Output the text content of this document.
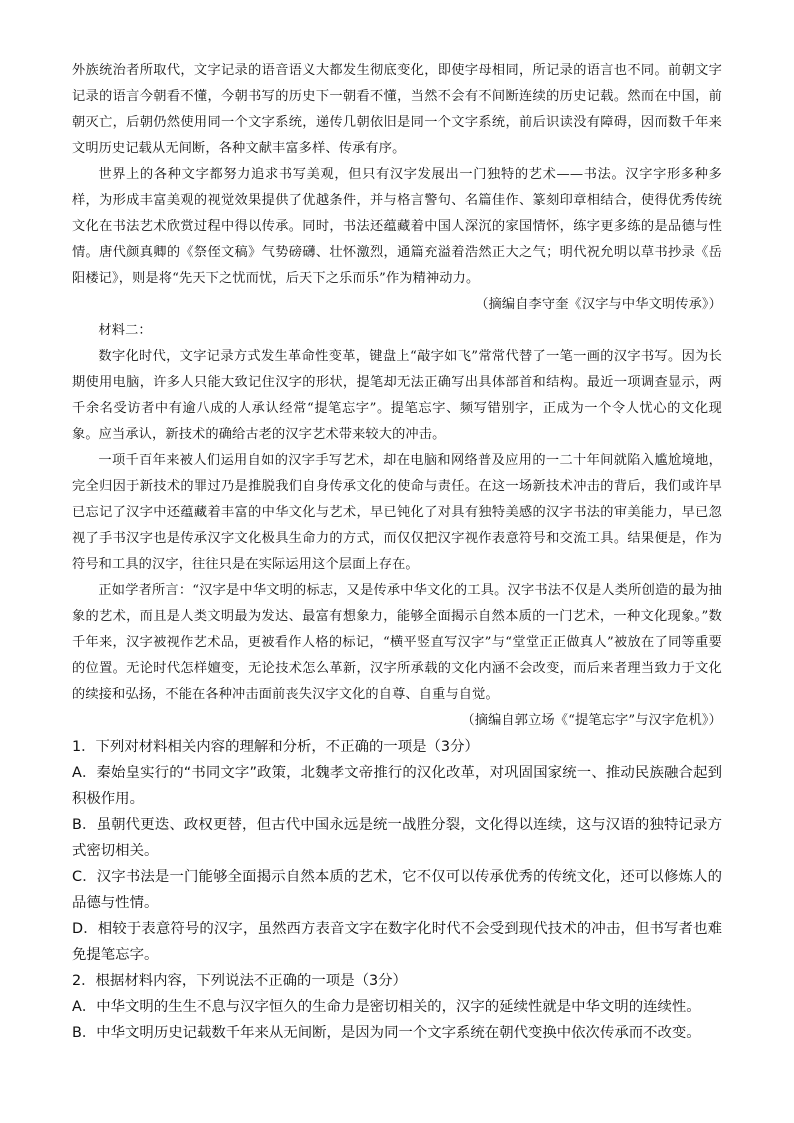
外族统治者所取代，文字记录的语音语义大都发生彻底变化，即使字母相同，所记录的语言也不同。前朝文字记录的语言今朝看不懂，今朝书写的历史下一朝看不懂，当然不会有不间断连续的历史记载。然而在中国，前朝灭亡，后朝仍然使用同一个文字系统，递传几朝依旧是同一个文字系统，前后识读没有障碍，因而数千年来文明历史记载从无间断，各种文献丰富多样、传承有序。

世界上的各种文字都努力追求书写美观，但只有汉字发展出一门独特的艺术——书法。汉字字形多种多样，为形成丰富美观的视觉效果提供了优越条件，并与格言警句、名篇佳作、篆刻印章相结合，使得优秀传统文化在书法艺术欣赏过程中得以传承。同时，书法还蕴藏着中国人深沉的家国情怀，练字更多练的是品德与性情。唐代颜真卿的《祭侄文稿》气势磅礴、壮怀激烈，通篇充溢着浩然正大之气；明代祝允明以草书抄录《岳阳楼记》，则是将“先天下之忧而忧，后天下之乐而乐”作为精神动力。

（摘编自李守奎《汉字与中华文明传承》）

材料二：

数字化时代，文字记录方式发生革命性变革，键盘上“敲字如飞”常常代替了一笔一画的汉字书写。因为长期使用电脑，许多人只能大致记住汉字的形状，提笔却无法正确写出具体部首和结构。最近一项调查显示，两千余名受访者中有逾八成的人承认经常“提笔忘字”。提笔忘字、频写错别字，正成为一个令人忧心的文化现象。应当承认，新技术的确给古老的汉字艺术带来较大的冲击。

一项千百年来被人们运用自如的汉字手写艺术，却在电脑和网络普及应用的一二十年间就陷入尴尬境地，完全归因于新技术的罪过乃是推脱我们自身传承文化的使命与责任。在这一场新技术冲击的背后，我们或许早已忘记了汉字中还蕴藏着丰富的中华文化与艺术，早已钝化了对具有独特美感的汉字书法的审美能力，早已忽视了手书汉字也是传承汉字文化极具生命力的方式，而仅仅把汉字视作表意符号和交流工具。结果便是，作为符号和工具的汉字，往往只是在实际运用这个层面上存在。

正如学者所言：“汉字是中华文明的标志，又是传承中华文化的工具。汉字书法不仅是人类所创造的最为抽象的艺术，而且是人类文明最为发达、最富有想象力，能够全面揭示自然本质的一门艺术，一种文化现象。”数千年来，汉字被视作艺术品，更被看作人格的标记，“横平竖直写汉字”与“堂堂正正做真人”被放在了同等重要的位置。无论时代怎样嬗变，无论技术怎么革新，汉字所承载的文化内涵不会改变，而后来者理当致力于文化的续接和弘扬，不能在各种冲击面前丧失汉字文化的自尊、自重与自觉。

（摘编自郭立场《“提笔忘字”与汉字危机》）

1．下列对材料相关内容的理解和分析，不正确的一项是（3分）

A．秦始皇实行的“书同文字”政策，北魏孝文帝推行的汉化改革，对巩固国家统一、推动民族融合起到积极作用。

B．虽朝代更迭、政权更替，但古代中国永远是统一战胜分裂，文化得以连续，这与汉语的独特记录方式密切相关。

C．汉字书法是一门能够全面揭示自然本质的艺术，它不仅可以传承优秀的传统文化，还可以修炼人的品德与性情。

D．相较于表意符号的汉字，虽然西方表音文字在数字化时代不会受到现代技术的冲击，但书写者也难免提笔忘字。

2．根据材料内容，下列说法不正确的一项是（3分）

A．中华文明的生生不息与汉字恒久的生命力是密切相关的，汉字的延续性就是中华文明的连续性。

B．中华文明历史记载数千年来从无间断，是因为同一个文字系统在朝代变换中依次传承而不改变。
